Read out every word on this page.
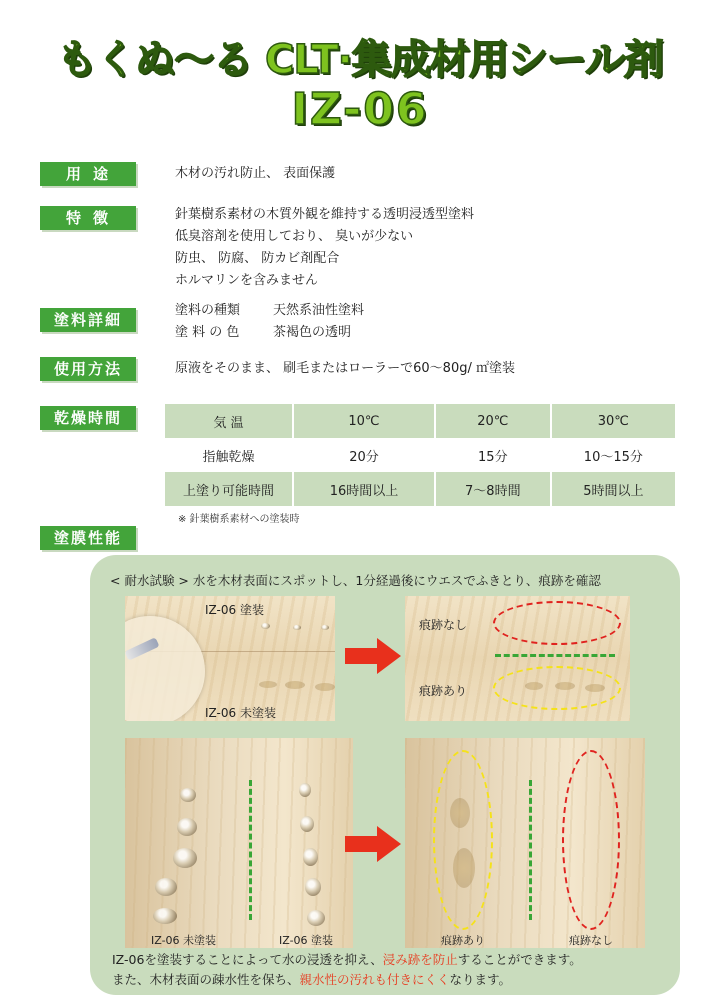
もくぬ〜る CLT·集成材用シール剤
IZ-06
用途	木材の汚れ防止、 表面保護
特徴	針葉樹系素材の木質外観を維持する透明浸透型塗料
低臭溶剤を使用しており、 臭いが少ない
防虫、 防腐、 防カビ剤配合
ホルマリンを含みません
塗料詳細
塗料の種類	天然系油性塗料
塗 料 の 色	茶褐色の透明
使用方法	原液をそのまま、 刷毛またはローラーで60〜80g/ ㎡塗装
乾燥時間	気 温	10℃	20℃	30℃
指触乾燥	20分	15分	10〜15分
上塗り可能時間	16時間以上	7〜8時間	5時間以上
※ 針葉樹系素材への塗装時
塗膜性能
< 耐水試験 > 水を木材表面にスポットし、1分経過後にウエスでふきとり、痕跡を確認
IZ-06 塗装
IZ-06 未塗装
痕跡なし
痕跡あり
IZ-06 未塗装	IZ-06 塗装	痕跡あり	痕跡なし
IZ-06を塗装することによって水の浸透を抑え、浸み跡を防止することができます。
また、木材表面の疎水性を保ち、親水性の汚れも付きにくくなります。
